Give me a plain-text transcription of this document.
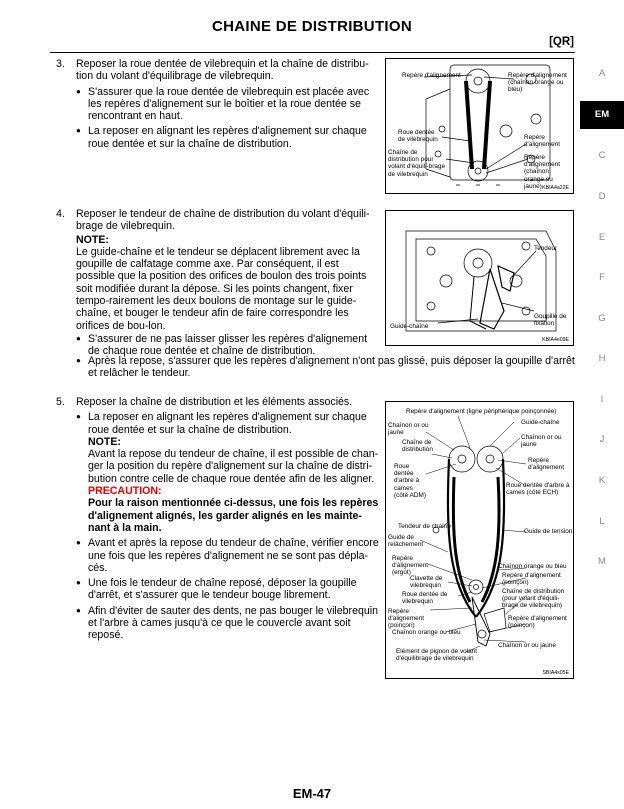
CHAINE DE DISTRIBUTION
[QR]
A
EM
C
D
E
F
G
H
I
J
K
L
M
3.	Reposer la roue dentée de vilebrequin et la chaîne de distribu-
tion du volant d'équilibrage de vilebrequin.
● S'assurer que la roue dentée de vilebrequin est placée avec les repères d'alignement sur le boîtier et la roue dentée se rencontrant en haut.
● La reposer en alignant les repères d'alignement sur chaque roue dentée et sur la chaîne de distribution.
Repère d'alignement	Repère d'alignement (chaînon orange ou bleu)
Roue dentée de vilebrequin
Chaîne de distribution pour volant d'équili-brage de vilebrequin
Repère d'alignement
Repère d'alignement (chaînon orange ou jaune) KBIA4a22E
4.	Reposer le tendeur de chaîne de distribution du volant d'équili-brage de vilebrequin.
NOTE:
Le guide-chaîne et le tendeur se déplacent librement avec la goupille de calfatage comme axe. Par conséquent, il est possible que la position des orifices de boulon des trois points soit modifiée durant la dépose. Si les points changent, fixer tempo-rairement les deux boulons de montage sur le guide-chaîne, et bouger le tendeur afin de faire correspondre les orifices de bou-lon.
● S'assurer de ne pas laisser glisser les repères d'alignement de chaque roue dentée et chaîne de distribution.
● Après la repose, s'assurer que les repères d'alignement n'ont pas glissé, puis déposer la goupille d'arrêt et relâcher le tendeur.
Tendeur
Guide-chaîne
Goupille de fixation
KBIA4e09E
5.	Reposer la chaîne de distribution et les éléments associés.
● La reposer en alignant les repères d'alignement sur chaque roue dentée et sur la chaîne de distribution.
NOTE:
Avant la repose du tendeur de chaîne, il est possible de chan-ger la position du repère d'alignement sur la chaîne de distri-bution contre celle de chaque roue dentée afin de les aligner.
PRECAUTION:
Pour la raison mentionnée ci-dessus, une fois les repères d'alignement alignés, les garder alignés en les mainte-nant à la main.
● Avant et après la repose du tendeur de chaîne, vérifier encore une fois que les repères d'alignement ne se sont pas dépla-cés.
● Une fois le tendeur de chaîne reposé, déposer la goupille d'arrêt, et s'assurer que le tendeur bouge librement.
● Afin d'éviter de sauter des dents, ne pas bouger le vilebrequin et l'arbre à cames jusqu'à ce que le couvercle avant soit reposé.
Repère d'alignement (ligne périphérique poinçonnée)
Guide-chaîne
Chaînon or ou jaune
Chaînon or ou jaune
Chaîne de distribution
Roue dentée d'arbre à cames (côté ADM)
Repère d'alignement
Roue dentée d'arbre à cames (côté ECH)
Tendeur de chaîne
Guide de tension
Guide de relâchement
Repère d'alignement (ergot)
Chaînon orange ou bleu
Clavette de vilebrequin
Repère d'alignement (poinçon)
Roue dentée de vilebrequin
Chaîne de distribution (pour volant d'équili-brage de vilebrequin)
Repère d'alignement (poinçon)
Repère d'alignement (poinçon)
Chaînon orange ou bleu
Chaînon or ou jaune
Elément de pignon de volant d'équilibrage de vilebrequin
SBIA4s05E
EM-47
